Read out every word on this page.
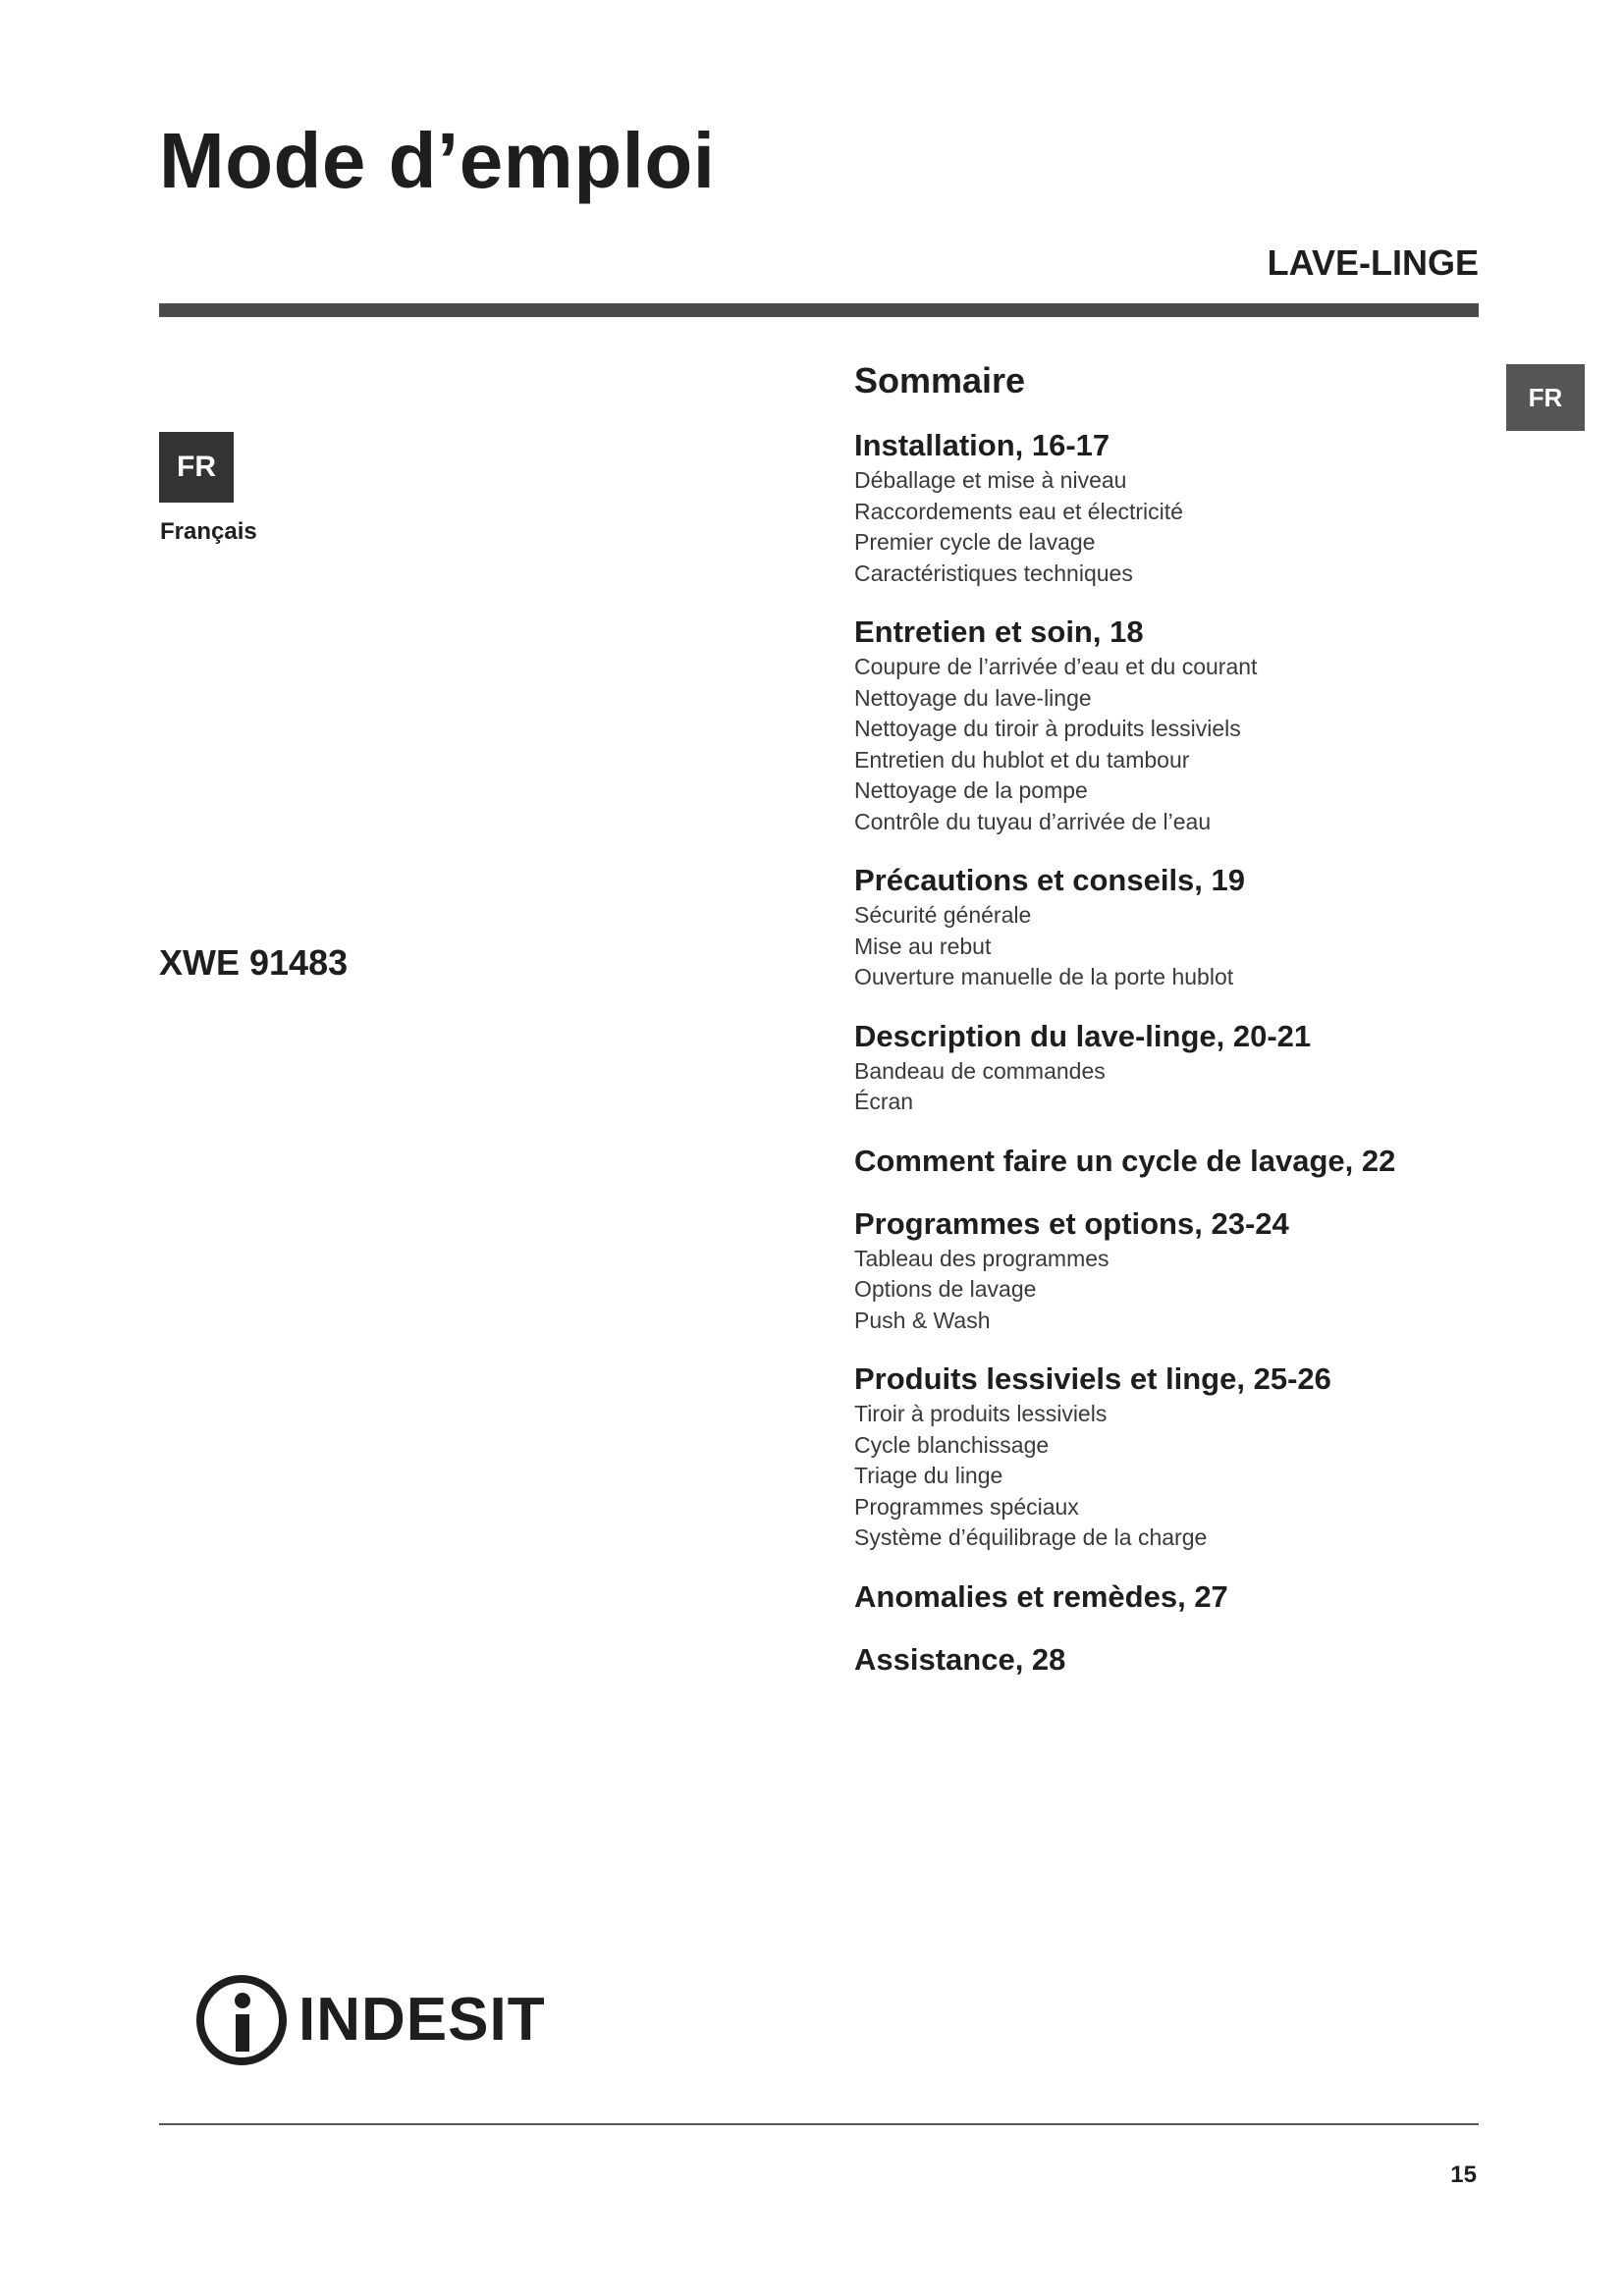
Mode d’emploi
LAVE-LINGE
FR
Français
FR
XWE 91483
Sommaire
Installation, 16-17
Déballage et mise à niveau
Raccordements eau et électricité
Premier cycle de lavage
Caractéristiques techniques
Entretien et soin, 18
Coupure de l’arrivée d’eau et du courant
Nettoyage du lave-linge
Nettoyage du tiroir à produits lessiviels
Entretien du hublot et du tambour
Nettoyage de la pompe
Contrôle du tuyau d’arrivée de l’eau
Précautions et conseils, 19
Sécurité générale
Mise au rebut
Ouverture manuelle de la porte hublot
Description du lave-linge, 20-21
Bandeau de commandes
Écran
Comment faire un cycle de lavage, 22
Programmes et options, 23-24
Tableau des programmes
Options de lavage
Push & Wash
Produits lessiviels et linge, 25-26
Tiroir à produits lessiviels
Cycle blanchissage
Triage du linge
Programmes spéciaux
Système d’équilibrage de la charge
Anomalies et remèdes, 27
Assistance, 28
INDESIT
15
